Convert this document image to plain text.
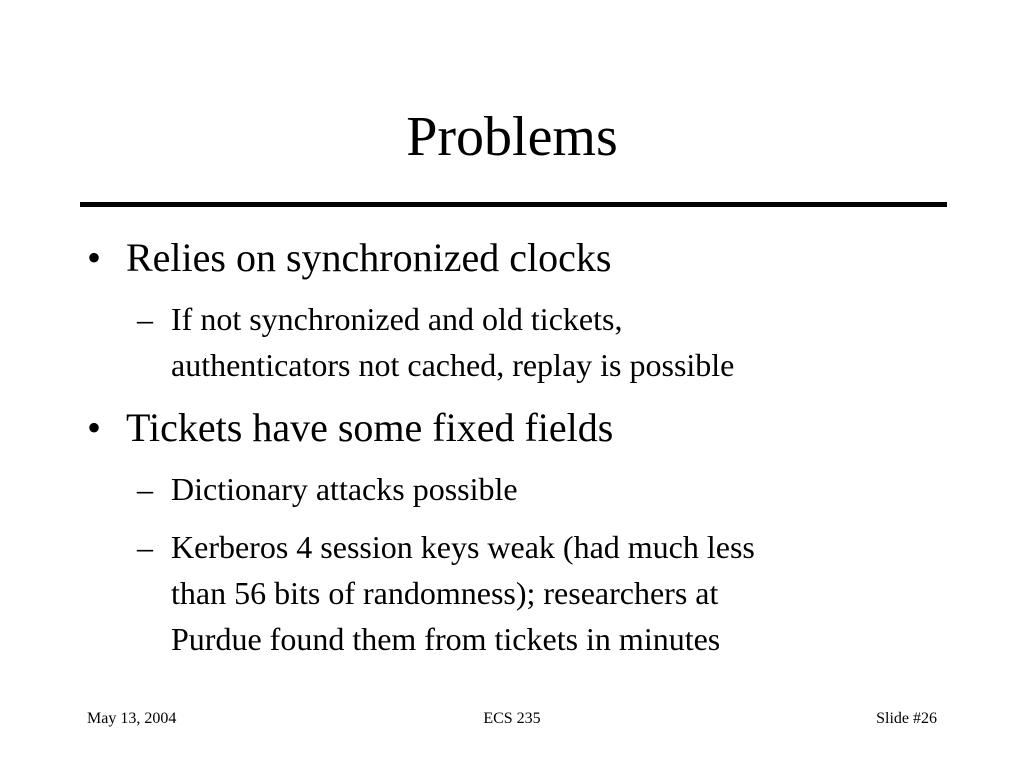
Problems
• Relies on synchronized clocks
– If not synchronized and old tickets,
authenticators not cached, replay is possible
• Tickets have some fixed fields
– Dictionary attacks possible
– Kerberos 4 session keys weak (had much less
than 56 bits of randomness); researchers at
Purdue found them from tickets in minutes
May 13, 2004	ECS 235	Slide #26
